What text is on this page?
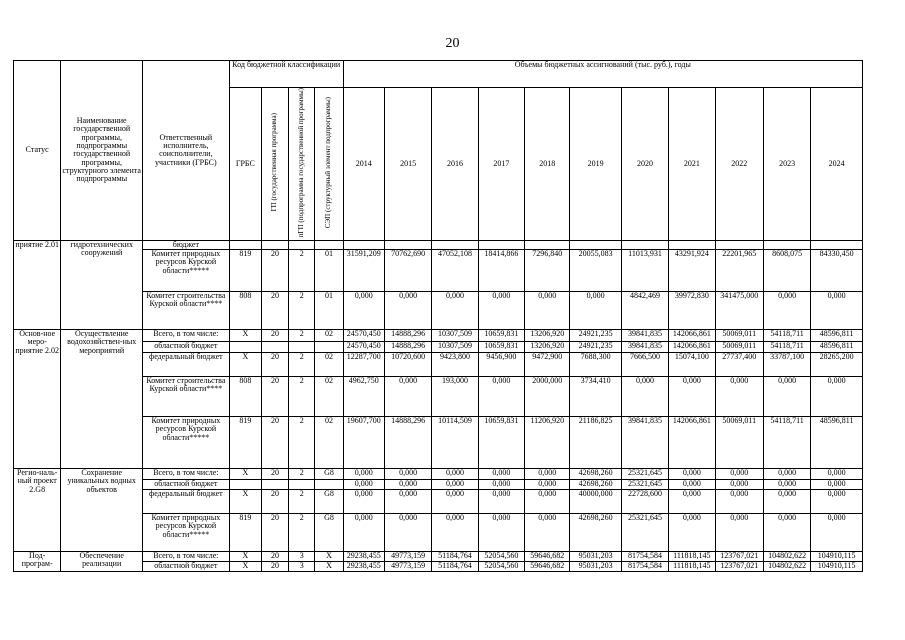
20
Статус	Наименование государственной программы, подпрограммы государственной программы, структурного элемента подпрограммы	Ответственный исполнитель, соисполнители, участники (ГРБС)	Код бюджетной классификации				Объемы бюджетных ассигнований (тыс. руб.), годы										
			ГРБС	ГП (государственная программа)	пГП (подпрограмма государственной программы)	СЭП (структурный элемент подпрограммы)	2014	2015	2016	2017	2018	2019	2020	2021	2022	2023	2024
приятие 2.01	гидротехнических сооружений	бюджет															
		Комитет природных ресурсов Курской области*****	819	20	2	01	31591,209	70762,690	47052,108	18414,866	7296,840	20055,083	11013,931	43291,924	22201,965	8608,075	84330,450
		Комитет строительства Курской области****	808	20	2	01	0,000	0,000	0,000	0,000	0,000	0,000	4842,469	39972,830	341475,000	0,000	0,000
Основ-ное меро-приятие 2.02	Осуществление водохозяйствен-ных мероприятий	Всего, в том числе:	X	20	2	02	24570,450	14888,296	10307,509	10659,831	13206,920	24921,235	39841,835	142066,861	50069,011	54118,711	48596,811
		областной бюджет					24570,450	14888,296	10307,509	10659,831	13206,920	24921,235	39841,835	142066,861	50069,011	54118,711	48596,811
		федеральный бюджет	X	20	2	02	12287,700	10720,600	9423,800	9456,900	9472,900	7688,300	7666,500	15074,100	27737,400	33787,100	28265,200
		Комитет строительства Курской области****	808	20	2	02	4962,750	0,000	193,000	0,000	2000,000	3734,410	0,000	0,000	0,000	0,000	0,000
		Комитет природных ресурсов Курской области*****	819	20	2	02	19607,700	14888,296	10114,509	10659,831	11206,920	21186,825	39841,835	142066,861	50069,011	54118,711	48596,811
Регио-наль-ный проект 2.G8	Сохранение уникальных водных объектов	Всего, в том числе:	X	20	2	G8	0,000	0,000	0,000	0,000	0,000	42698,260	25321,645	0,000	0,000	0,000	0,000
		областной бюджет					0,000	0,000	0,000	0,000	0,000	42698,260	25321,645	0,000	0,000	0,000	0,000
		федеральный бюджет	X	20	2	G8	0,000	0,000	0,000	0,000	0,000	40000,000	22728,600	0,000	0,000	0,000	0,000
		Комитет природных ресурсов Курской области*****	819	20	2	G8	0,000	0,000	0,000	0,000	0,000	42698,260	25321,645	0,000	0,000	0,000	0,000
Под-програм-	Обеспечение реализации	Всего, в том числе:	X	20	3	X	29238,455	49773,159	51184,764	52054,560	59646,682	95031,203	81754,584	111818,145	123767,021	104802,622	104910,115
		областной бюджет	X	20	3	X	29238,455	49773,159	51184,764	52054,560	59646,682	95031,203	81754,584	111818,145	123767,021	104802,622	104910,115
